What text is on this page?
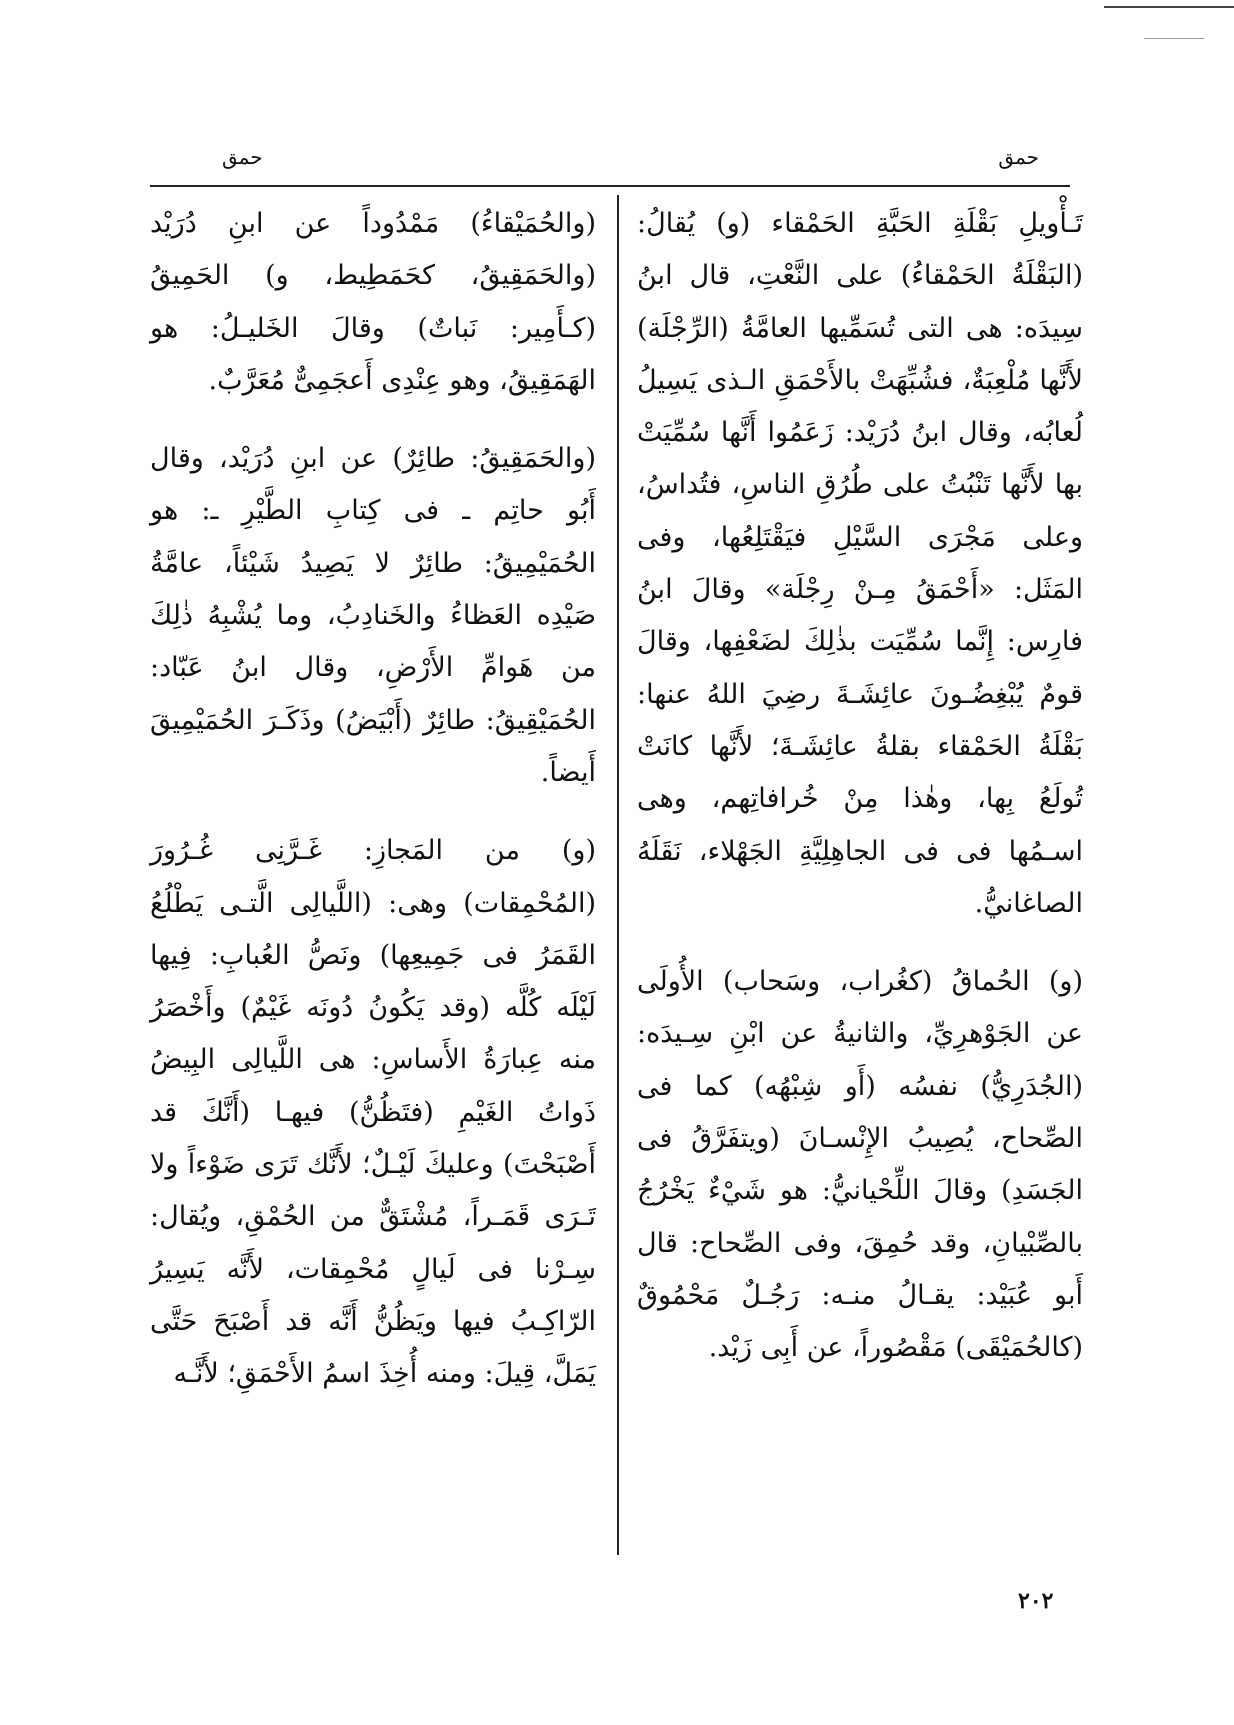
حمق
حمق

تَـأْويلِ بَقْلَةِ الحَبَّةِ الحَمْقاء (و) يُقالُ: (البَقْلَةُ الحَمْقاءُ) على النَّعْتِ، قال ابنُ سِيدَه: هى التى تُسَمِّيها العامَّةُ (الرِّجْلَة) لأَنَّها مُلْعِبَةٌ، فشُبِّهَتْ بالأَحْمَقِ الـذى يَسِيلُ لُعابُه، وقال ابنُ دُرَيْد: زَعَمُوا أَنَّها سُمِّيَتْ بها لأَنَّها تَنْبُتُ على طُرُقِ الناسِ، فتُداسُ، وعلى مَجْرَى السَّيْلِ فيَقْتَلِعُها، وفى المَثَل: «أَحْمَقُ مِـنْ رِجْلَة» وقالَ ابنُ فارِس: إِنَّما سُمِّيَت بذٰلِكَ لضَعْفِها، وقالَ قومٌ يُبْغِضُـونَ عائِشَـةَ رضِيَ اللهُ عنها: بَقْلَةُ الحَمْقاء بقلةُ عائِشَـةَ؛ لأَنَّها كانَتْ تُولَعُ بِها، وهٰذا مِنْ خُرافاتِهم، وهى اسـمُها فى فى الجاهِلِيَّةِ الجَهْلاء، نَقَلَهُ الصاغانيُّ.

(و) الحُماقُ (كغُراب، وسَحاب) الأُولَى عن الجَوْهرِيِّ، والثانيةُ عن ابْنِ سِـيدَه: (الجُدَرِيُّ) نفسُه (أَو شِبْهُه) كما فى الصِّحاح، يُصِيبُ الإِنْسـانَ (ويتفَرَّقُ فى الجَسَدِ) وقالَ اللِّحْيانيُّ: هو شَيْءٌ يَخْرُجُ بالصِّبْيانِ، وقد حُمِقَ، وفى الصِّحاح: قال أَبو عُبَيْد: يقـالُ منـه: رَجُـلٌ مَحْمُوقٌ (كالحُمَيْقَى) مَقْصُوراً، عن أَبِى زَيْد.

(والحُمَيْقاءُ) مَمْدُوداً عن ابنِ دُرَيْد (والحَمَقِيقُ، كحَمَطِيط، و) الحَمِيقُ (كـأَمِير: نَباتٌ) وقالَ الخَليـلُ: هو الهَمَقِيقُ، وهو عِنْدِى أَعجَمِىٌّ مُعَرَّبٌ.

(والحَمَقِيقُ: طائِرٌ) عن ابنِ دُرَيْد، وقال أَبُو حاتِم ـ فى كِتابِ الطَّيْرِ ـ: هو الحُمَيْمِيقُ: طائِرٌ لا يَصِيدُ شَيْئاً، عامَّةُ صَيْدِه العَظاءُ والخَنادِبُ، وما يُشْبِهُ ذٰلِكَ من هَوامِّ الأَرْضِ، وقال ابنُ عَبّاد: الحُمَيْقِيقُ: طائِرٌ (أَبْيَضُ) وذَكَـرَ الحُمَيْمِيقَ أَيضاً.

(و) من المَجازِ: غَـرَّنِى غُـرُورَ (المُحْمِقات) وهى: (اللَّيالِى الَّتـى يَطْلُعُ القَمَرُ فى جَمِيعِها) ونَصُّ العُبابِ: فِيها لَيْلَه كُلَّه (وقد يَكُونُ دُونَه غَيْمٌ) وأَخْصَرُ منه عِبارَةُ الأَساسِ: هى اللَّيالِى البِيضُ ذَواتُ الغَيْمِ (فتَظُنُّ) فيهـا (أَنَّكَ قد أَصْبَحْتَ) وعليكَ لَيْـلٌ؛ لأَنَّك تَرَى ضَوْءاً ولا تَـرَى قَمَـراً، مُشْتَقٌّ من الحُمْقِ، ويُقال: سِـرْنا فى لَيالٍ مُحْمِقات، لأَنَّه يَسِيرُ الرّاكِـبُ فيها ويَظُنُّ أَنَّه قد أَصْبَحَ حَتَّى يَمَلَّ، قِيلَ: ومنه أُخِذَ اسمُ الأَحْمَقِ؛ لأَنَّـه

٢٠٢
